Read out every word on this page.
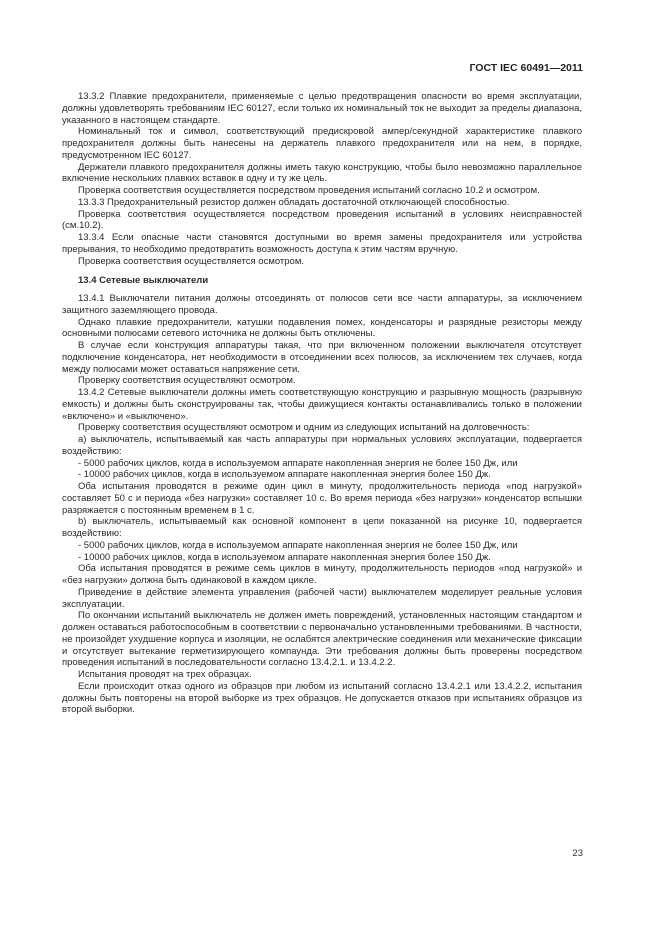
ГОСТ IEC 60491—2011

13.3.2 Плавкие предохранители, применяемые с целью предотвращения опасности во время эксплуатации, должны удовлетворять требованиям IEC 60127, если только их номинальный ток не выходит за пределы диапазона, указанного в настоящем стандарте.

Номинальный ток и символ, соответствующий предискровой ампер/секундной характеристике плавкого предохранителя должны быть нанесены на держатель плавкого предохранителя или на нем, в порядке, предусмотренном IEC 60127.

Держатели плавкого предохранителя должны иметь такую конструкцию, чтобы было невозможно параллельное включение нескольких плавких вставок в одну и ту же цель.

Проверка соответствия осуществляется посредством проведения испытаний согласно 10.2 и осмотром.

13.3.3 Предохранительный резистор должен обладать достаточной отключающей способностью.

Проверка соответствия осуществляется посредством проведения испытаний в условиях неисправностей (см.10.2).

13.3.4 Если опасные части становятся доступными во время замены предохранителя или устройства прерывания, то необходимо предотвратить возможность доступа к этим частям вручную.

Проверка соответствия осуществляется осмотром.

13.4 Сетевые выключатели

13.4.1 Выключатели питания должны отсоединять от полюсов сети все части аппаратуры, за исключением защитного заземляющего провода.

Однако плавкие предохранители, катушки подавления помех, конденсаторы и разрядные резисторы между основными полюсами сетевого источника не должны быть отключены.

В случае если конструкция аппаратуры такая, что при включенном положении выключателя отсутствует подключение конденсатора, нет необходимости в отсоединении всех полюсов, за исключением тех случаев, когда между полюсами может оставаться напряжение сети.

Проверку соответствия осуществляют осмотром.

13.4.2 Сетевые выключатели должны иметь соответствующую конструкцию и разрывную мощность (разрывную емкость) и должны быть сконструированы так, чтобы движущиеся контакты останавливались только в положении «включено» и «выключено».

Проверку соответствия осуществляют осмотром и одним из следующих испытаний на долговечность:

a) выключатель, испытываемый как часть аппаратуры при нормальных условиях эксплуатации, подвергается воздействию:

- 5000 рабочих циклов, когда в используемом аппарате накопленная энергия не более 150 Дж, или

- 10000 рабочих циклов, когда в используемом аппарате накопленная энергия более 150 Дж.

Оба испытания проводятся в режиме один цикл в минуту, продолжительность периода «под нагрузкой» составляет 50 с и периода «без нагрузки» составляет 10 с. Во время периода «без нагрузки» конденсатор вспышки разряжается с постоянным временем в 1 с.

b) выключатель, испытываемый как основной компонент в цепи показанной на рисунке 10, подвергается воздействию:

- 5000 рабочих циклов, когда в используемом аппарате накопленная энергия не более 150 Дж, или

- 10000 рабочих циклов, когда в используемом аппарате накопленная энергия более 150 Дж.

Оба испытания проводятся в режиме семь циклов в минуту, продолжительность периодов «под нагрузкой» и «без нагрузки» должна быть одинаковой в каждом цикле.

Приведение в действие элемента управления (рабочей части) выключателем моделирует реальные условия эксплуатации.

По окончании испытаний выключатель не должен иметь повреждений, установленных настоящим стандартом и должен оставаться работоспособным в соответствии с первоначально установленными требованиями. В частности, не произойдет ухудшение корпуса и изоляции, не ослабятся электрические соединения или механические фиксации и отсутствует вытекание герметизирующего компаунда. Эти требования должны быть проверены посредством проведения испытаний в последовательности согласно 13.4.2.1. и 13.4.2.2.

Испытания проводят на трех образцах.

Если происходит отказ одного из образцов при любом из испытаний согласно 13.4.2.1 или 13.4.2.2, испытания должны быть повторены на второй выборке из трех образцов. Не допускается отказов при испытаниях образцов из второй выборки.

23
